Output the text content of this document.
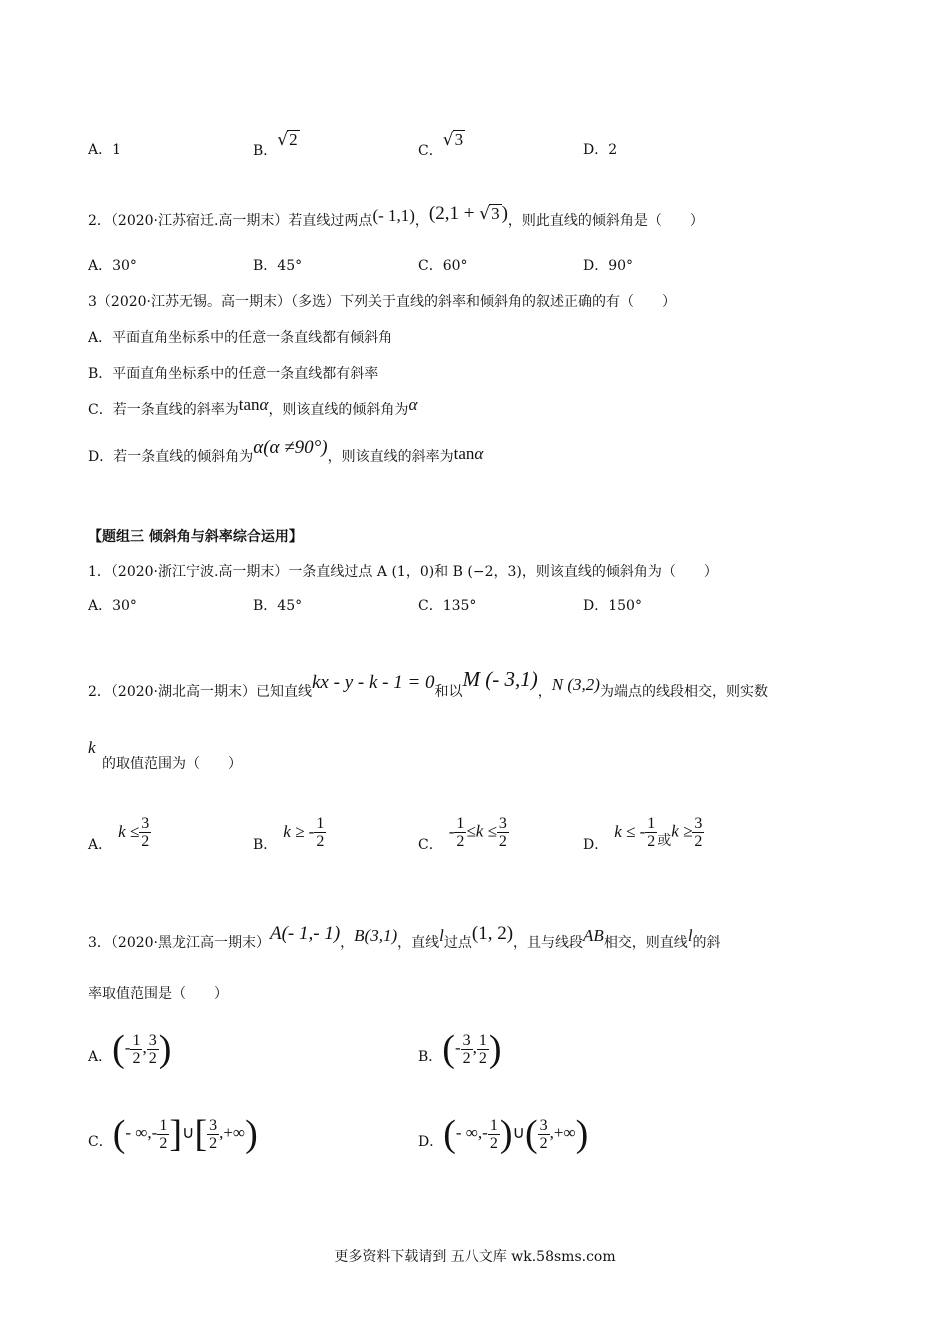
A．1	B．√2
C．√3
D．2
2．（2020·江苏宿迁.高一期末）若直线过两点(- 1,1)，(2,1 + √3 )，则此直线的倾斜角是（　　）
A．30°	B．45°	C．60°	D．90°
3（2020·江苏无锡。高一期末）（多选）下列关于直线的斜率和倾斜角的叙述正确的有（　　）
A．平面直角坐标系中的任意一条直线都有倾斜角
B．平面直角坐标系中的任意一条直线都有斜率
C．若一条直线的斜率为tanα，则该直线的倾斜角为α
D．若一条直线的倾斜角为α(α ≠90°)，则该直线的斜率为tanα
【题组三 倾斜角与斜率综合运用】
1．（2020·浙江宁波.高一期末）一条直线过点 A (1，0)和 B (−2，3)，则该直线的倾斜角为（　　）
A．30°	B．45°	C．135°	D．150°
2．（2020·湖北高一期末）已知直线kx - y - k - 1 = 0和以M (- 3,1)，N (3,2)为端点的线段相交，则实数
k
的取值范围为（　　）
A．$k \le \frac{3}{2}$	B．k ≥ - $\frac{1}{2}$	C．- $\frac{1}{2} \le k \le \frac{3}{2}$	D．k ≤ - $\frac{1}{2}$ 或$k \ge \frac{3}{2}$
3．（2020·黑龙江高一期末）A(- 1,- 1)，B(3,1)，直线l过点(1, 2)，且与线段AB相交，则直线l的斜
率取值范围是（　　）
A．(- $\frac{1}{2}$ , $\frac{3}{2}$ )	B．(- $\frac{3}{2}$ , $\frac{1}{2}$ )
C．(- ∞,- $\frac{1}{2}$ ]∪[ $\frac{3}{2}$ ,+∞)	D．(- ∞,- $\frac{1}{2}$ )∪( $\frac{3}{2}$ ,+∞)
更多资料下载请到 五八文库 wk.58sms.com
